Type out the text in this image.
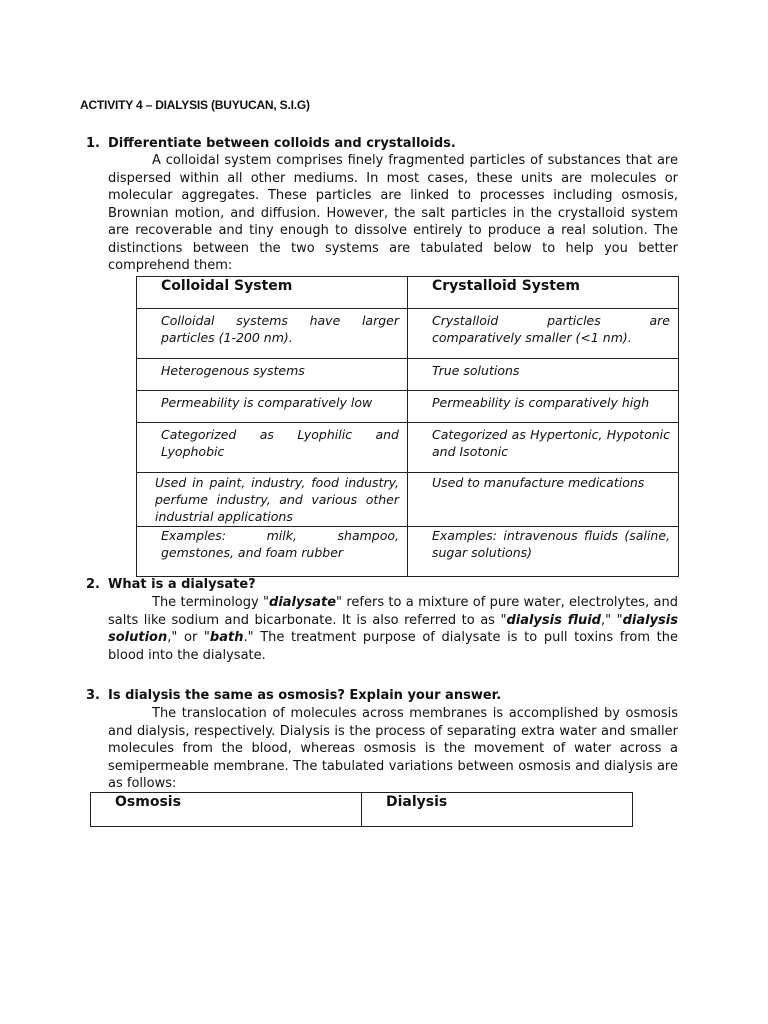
ACTIVITY 4 – DIALYSIS (BUYUCAN, S.I.G)
1. Differentiate between colloids and crystalloids.
A colloidal system comprises finely fragmented particles of substances that are dispersed within all other mediums. In most cases, these units are molecules or molecular aggregates. These particles are linked to processes including osmosis, Brownian motion, and diffusion. However, the salt particles in the crystalloid system are recoverable and tiny enough to dissolve entirely to produce a real solution. The distinctions between the two systems are tabulated below to help you better comprehend them:
Colloidal System	Crystalloid System

Colloidal systems have larger particles (1-200 nm).	Crystalloid particles are comparatively smaller (<1 nm).

Heterogenous systems	True solutions

Permeability is comparatively low	Permeability is comparatively high

Categorized as Lyophilic and Lyophobic	Categorized as Hypertonic, Hypotonic and Isotonic

Used in paint, industry, food industry, perfume industry, and various other industrial applications	Used to manufacture medications

Examples: milk, shampoo, gemstones, and foam rubber	Examples: intravenous fluids (saline, sugar solutions)
2. What is a dialysate?
The terminology "dialysate" refers to a mixture of pure water, electrolytes, and salts like sodium and bicarbonate. It is also referred to as "dialysis fluid," "dialysis solution," or "bath." The treatment purpose of dialysate is to pull toxins from the blood into the dialysate.
3. Is dialysis the same as osmosis? Explain your answer.
The translocation of molecules across membranes is accomplished by osmosis and dialysis, respectively. Dialysis is the process of separating extra water and smaller molecules from the blood, whereas osmosis is the movement of water across a semipermeable membrane. The tabulated variations between osmosis and dialysis are as follows:
Osmosis	Dialysis
